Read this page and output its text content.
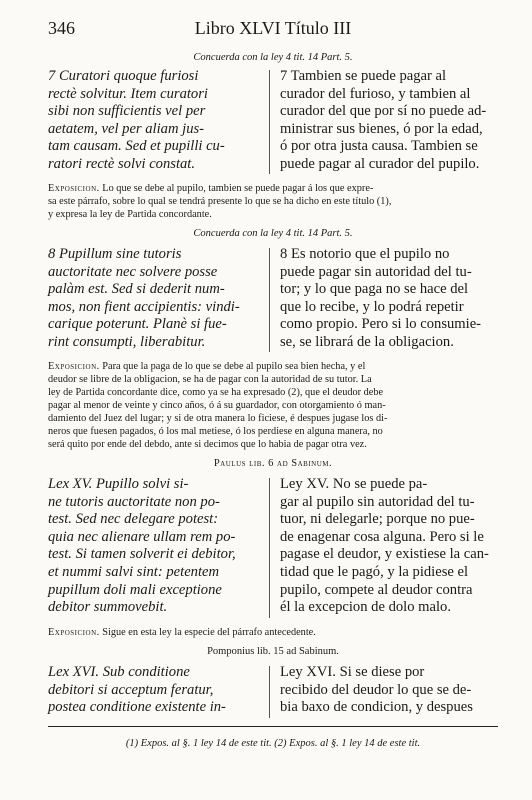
346	Libro XLVI Título III
Concuerda con la ley 4 tit. 14 Part. 5.
7 Curatori quoque furiosi
rectè solvitur. Item curatori
sibi non sufficientis vel per
aetatem, vel per aliam jus-
tam causam. Sed et pupilli cu-
ratori rectè solvi constat.
7 Tambien se puede pagar al
curador del furioso, y tambien al
curador del que por sí no puede ad-
ministrar sus bienes, ó por la edad,
ó por otra justa causa. Tambien se
puede pagar al curador del pupilo.
Exposicion. Lo que se debe al pupilo, tambien se puede pagar á los que expre-
sa este párrafo, sobre lo qual se tendrá presente lo que se ha dicho en este título (1),
y expresa la ley de Partida concordante.
Concuerda con la ley 4 tit. 14 Part. 5.
8 Pupillum sine tutoris
auctoritate nec solvere posse
palàm est. Sed si dederit num-
mos, non fient accipientis: vindi-
carique poterunt. Planè si fue-
rint consumpti, liberabitur.
8 Es notorio que el pupilo no
puede pagar sin autoridad del tu-
tor; y lo que paga no se hace del
que lo recibe, y lo podrá repetir
como propio. Pero si lo consumie-
se, se librará de la obligacion.
Exposicion. Para que la paga de lo que se debe al pupilo sea bien hecha, y el
deudor se libre de la obligacion, se ha de pagar con la autoridad de su tutor. La
ley de Partida concordante dice, como ya se ha expresado (2), que el deudor debe
pagar al menor de veinte y cinco años, ó á su guardador, con otorgamiento ó man-
damiento del Juez del lugar; y si de otra manera lo ficiese, é despues jugase los di-
neros que fuesen pagados, ó los mal metiese, ó los perdiese en alguna manera, no
será quito por ende del debdo, ante si decimos que lo habia de pagar otra vez.
Paulus lib. 6 ad Sabinum.
Lex XV. Pupillo solvi si-
ne tutoris auctoritate non po-
test. Sed nec delegare potest:
quia nec alienare ullam rem po-
test. Si tamen solverit ei debitor,
et nummi salvi sint: petentem
pupillum doli mali exceptione
debitor summovebit.
Ley XV. No se puede pa-
gar al pupilo sin autoridad del tu-
tuor, ni delegarle; porque no pue-
de enagenar cosa alguna. Pero si le
pagase el deudor, y existiese la can-
tidad que le pagó, y la pidiese el
pupilo, compete al deudor contra
él la excepcion de dolo malo.
Exposicion. Sigue en esta ley la especie del párrafo antecedente.
Pomponius lib. 15 ad Sabinum.
Lex XVI. Sub conditione
debitori si acceptum feratur,
postea conditione existente in-
Ley XVI. Si se diese por
recibido del deudor lo que se de-
bia baxo de condicion, y despues
(1) Expos. al §. 1 ley 14 de este tit. (2) Expos. al §. 1 ley 14 de este tit.
